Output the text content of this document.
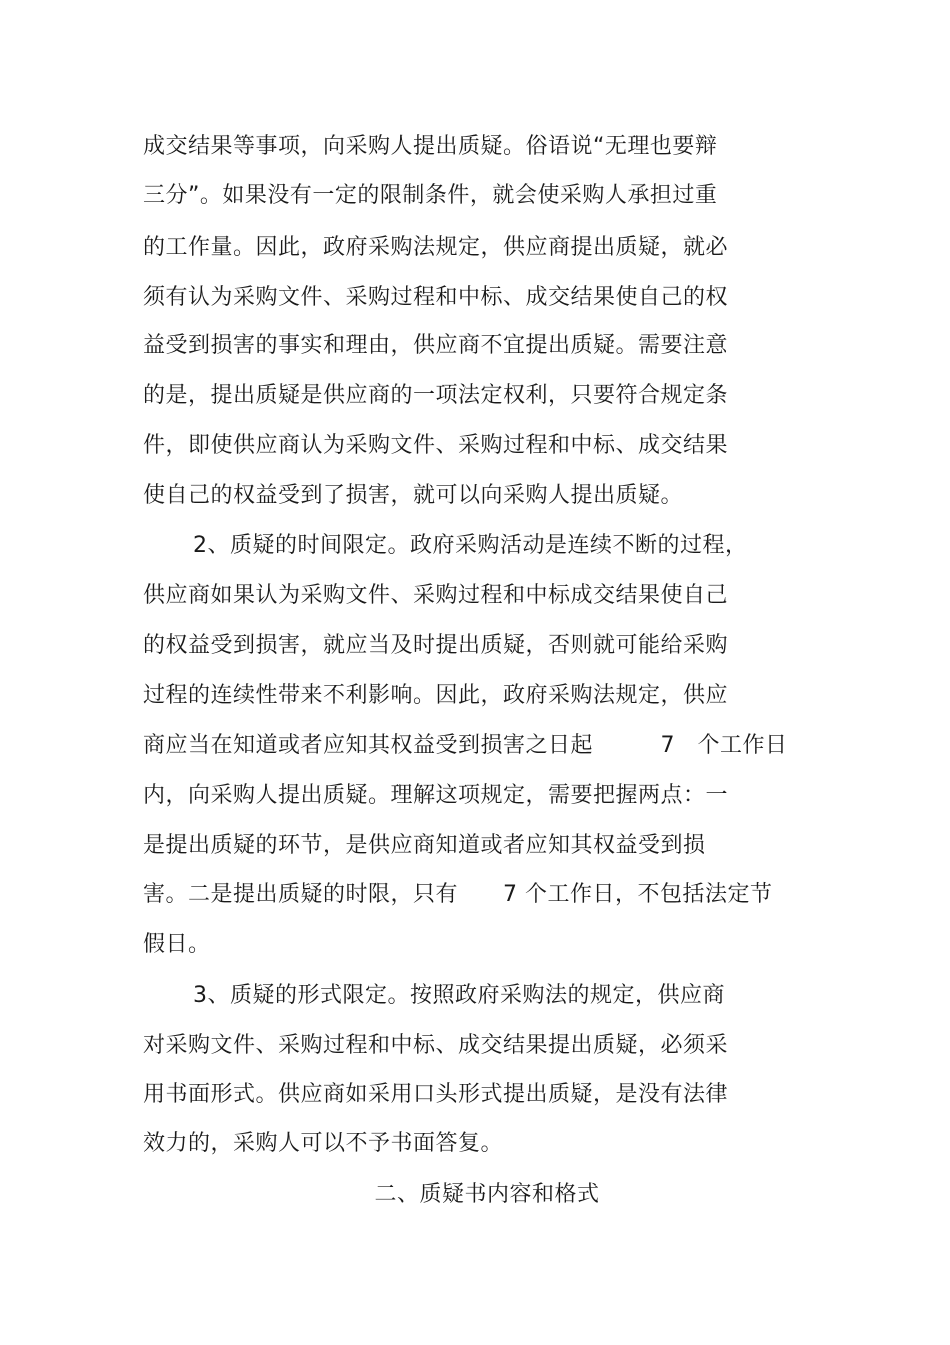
成交结果等事项，向采购人提出质疑。俗语说“无理也要辩
三分”。如果没有一定的限制条件，就会使采购人承担过重
的工作量。因此，政府采购法规定，供应商提出质疑，就必
须有认为采购文件、采购过程和中标、成交结果使自己的权
益受到损害的事实和理由，供应商不宜提出质疑。需要注意
的是，提出质疑是供应商的一项法定权利，只要符合规定条
件，即使供应商认为采购文件、采购过程和中标、成交结果
使自己的权益受到了损害，就可以向采购人提出质疑。
2、质疑的时间限定。政府采购活动是连续不断的过程，
供应商如果认为采购文件、采购过程和中标成交结果使自己
的权益受到损害，就应当及时提出质疑，否则就可能给采购
过程的连续性带来不利影响。因此，政府采购法规定，供应
商应当在知道或者应知其权益受到损害之日起　　　7　个工作日
内，向采购人提出质疑。理解这项规定，需要把握两点：一
是提出质疑的环节，是供应商知道或者应知其权益受到损
害。二是提出质疑的时限，只有　　7 个工作日，不包括法定节
假日。
3、质疑的形式限定。按照政府采购法的规定，供应商
对采购文件、采购过程和中标、成交结果提出质疑，必须采
用书面形式。供应商如采用口头形式提出质疑，是没有法律
效力的，采购人可以不予书面答复。
二、质疑书内容和格式
